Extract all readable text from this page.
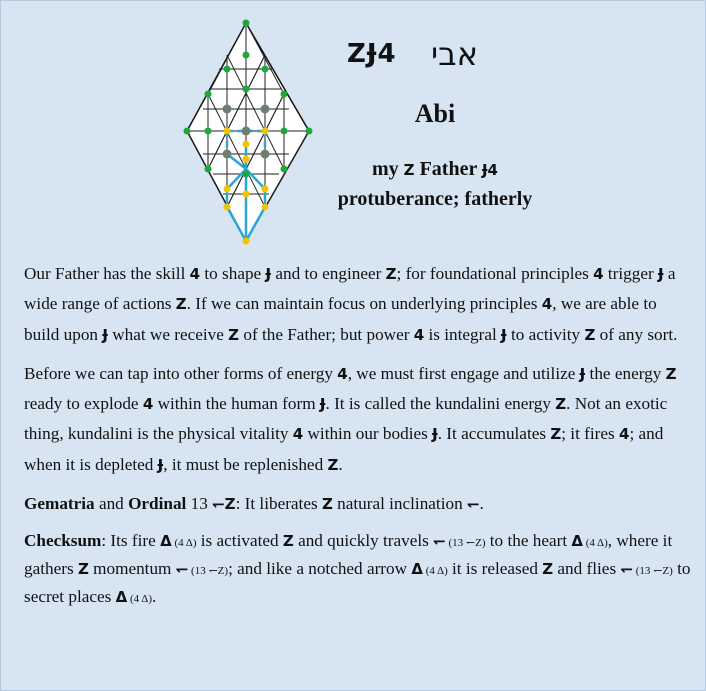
ZɈ4 אבי
Abi
my Z Father Ɉ4
protuberance; fatherly

Our Father has the skill 4 to shape Ɉ and to engineer Z; for foundational principles 4 trigger Ɉ a wide range of actions Z. If we can maintain focus on underlying principles 4, we are able to build upon Ɉ what we receive Z of the Father; but power 4 is integral Ɉ to activity Z of any sort.

Before we can tap into other forms of energy 4, we must first engage and utilize Ɉ the energy Z ready to explode 4 within the human form Ɉ. It is called the kundalini energy Z. Not an exotic thing, kundalini is the physical vitality 4 within our bodies Ɉ. It accumulates Z; it fires 4; and when it is depleted Ɉ, it must be replenished Z.

Gematria and Ordinal 13 ↽Z: It liberates Z natural inclination ↽.

Checksum: Its fire Δ (4 Δ) is activated Z and quickly travels ↽ (13 ↽Z) to the heart Δ (4 Δ), where it gathers Z momentum ↽ (13 ↽Z); and like a notched arrow Δ (4 Δ) it is released Z and flies ↽ (13 ↽Z) to secret places Δ (4 Δ).
